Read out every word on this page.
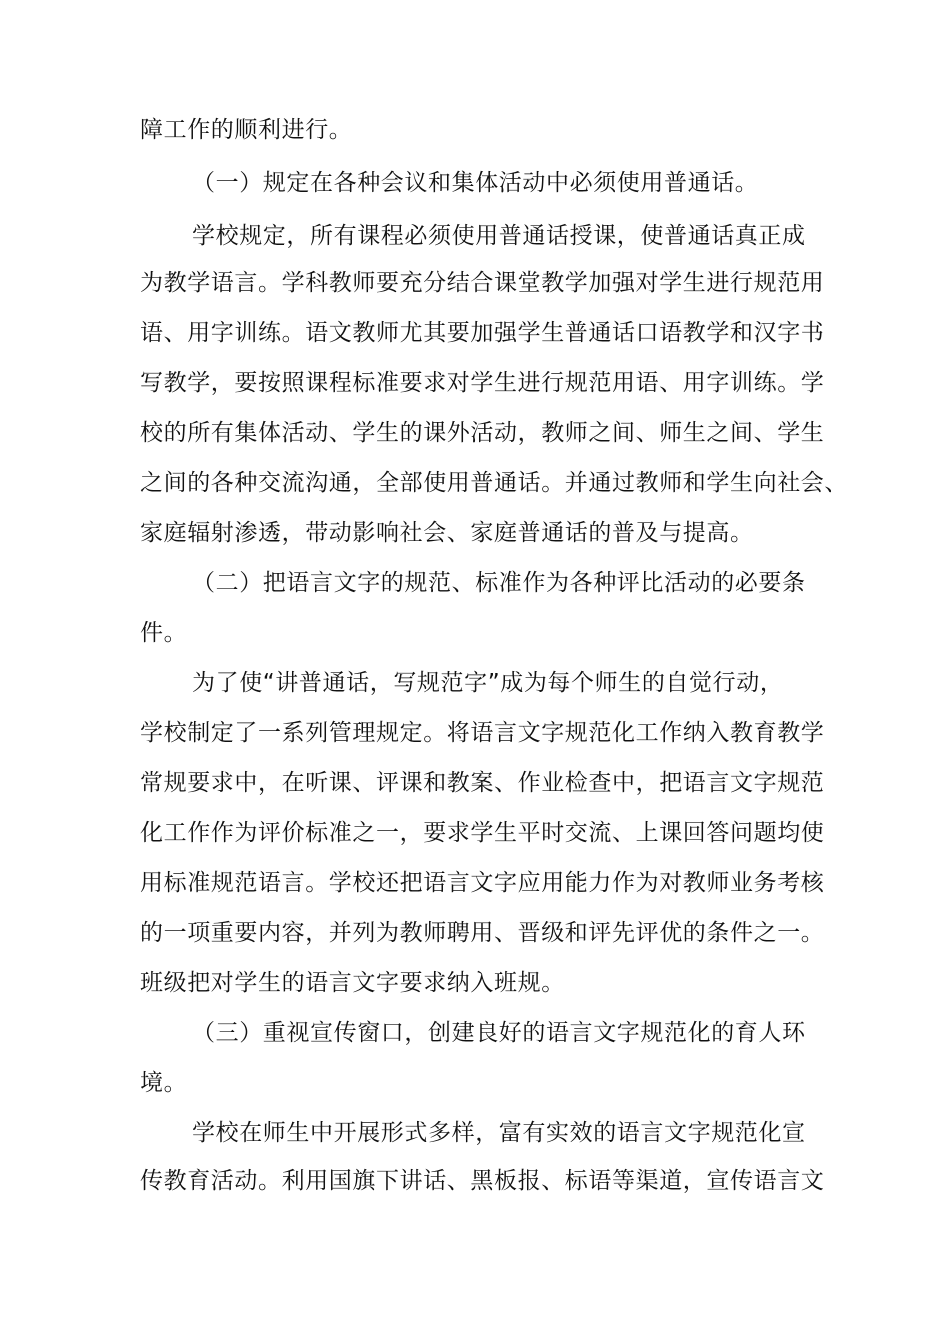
障工作的顺利进行。
（一）规定在各种会议和集体活动中必须使用普通话。
学校规定，所有课程必须使用普通话授课，使普通话真正成
为教学语言。学科教师要充分结合课堂教学加强对学生进行规范用
语、用字训练。语文教师尤其要加强学生普通话口语教学和汉字书
写教学，要按照课程标准要求对学生进行规范用语、用字训练。学
校的所有集体活动、学生的课外活动，教师之间、师生之间、学生
之间的各种交流沟通，全部使用普通话。并通过教师和学生向社会、
家庭辐射渗透，带动影响社会、家庭普通话的普及与提高。
（二）把语言文字的规范、标准作为各种评比活动的必要条
件。
为了使“讲普通话，写规范字”成为每个师生的自觉行动，
学校制定了一系列管理规定。将语言文字规范化工作纳入教育教学
常规要求中，在听课、评课和教案、作业检查中，把语言文字规范
化工作作为评价标准之一，要求学生平时交流、上课回答问题均使
用标准规范语言。学校还把语言文字应用能力作为对教师业务考核
的一项重要内容，并列为教师聘用、晋级和评先评优的条件之一。
班级把对学生的语言文字要求纳入班规。
（三）重视宣传窗口，创建良好的语言文字规范化的育人环
境。
学校在师生中开展形式多样，富有实效的语言文字规范化宣
传教育活动。利用国旗下讲话、黑板报、标语等渠道，宣传语言文
